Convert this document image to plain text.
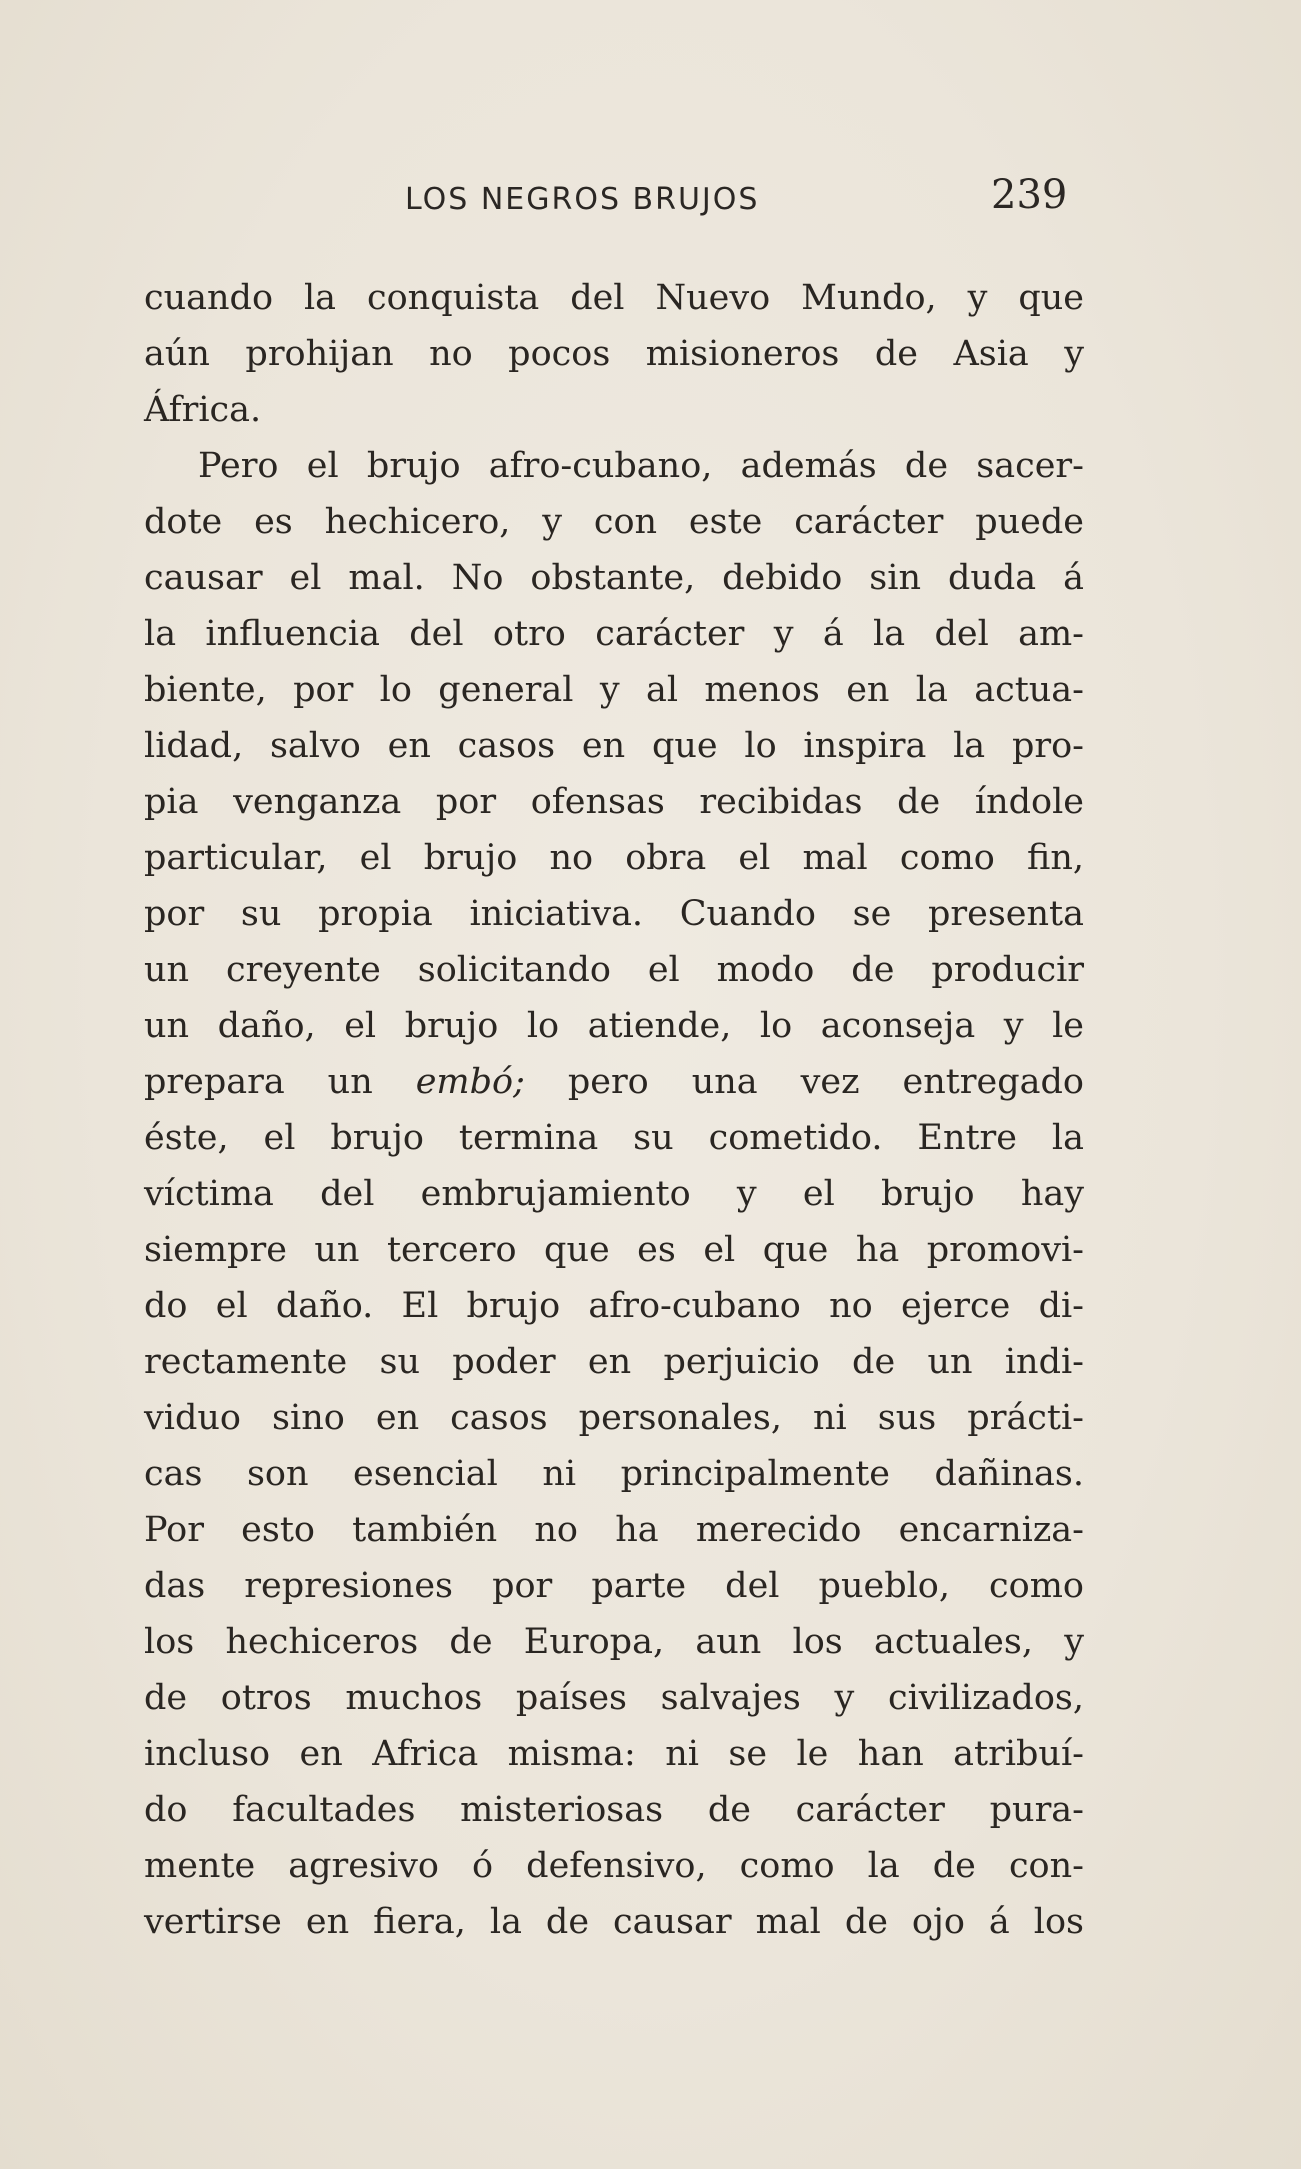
LOS NEGROS BRUJOS	239
cuando la conquista del Nuevo Mundo, y que
aún prohijan no pocos misioneros de Asia y
África.
Pero el brujo afro-cubano, además de sacer-
dote es hechicero, y con este carácter puede
causar el mal. No obstante, debido sin duda á
la influencia del otro carácter y á la del am-
biente, por lo general y al menos en la actua-
lidad, salvo en casos en que lo inspira la pro-
pia venganza por ofensas recibidas de índole
particular, el brujo no obra el mal como fin,
por su propia iniciativa. Cuando se presenta
un creyente solicitando el modo de producir
un daño, el brujo lo atiende, lo aconseja y le
prepara un embó; pero una vez entregado
éste, el brujo termina su cometido. Entre la
víctima del embrujamiento y el brujo hay
siempre un tercero que es el que ha promovi-
do el daño. El brujo afro-cubano no ejerce di-
rectamente su poder en perjuicio de un indi-
viduo sino en casos personales, ni sus prácti-
cas son esencial ni principalmente dañinas.
Por esto también no ha merecido encarniza-
das represiones por parte del pueblo, como
los hechiceros de Europa, aun los actuales, y
de otros muchos países salvajes y civilizados,
incluso en Africa misma: ni se le han atribuí-
do facultades misteriosas de carácter pura-
mente agresivo ó defensivo, como la de con-
vertirse en fiera, la de causar mal de ojo á los
